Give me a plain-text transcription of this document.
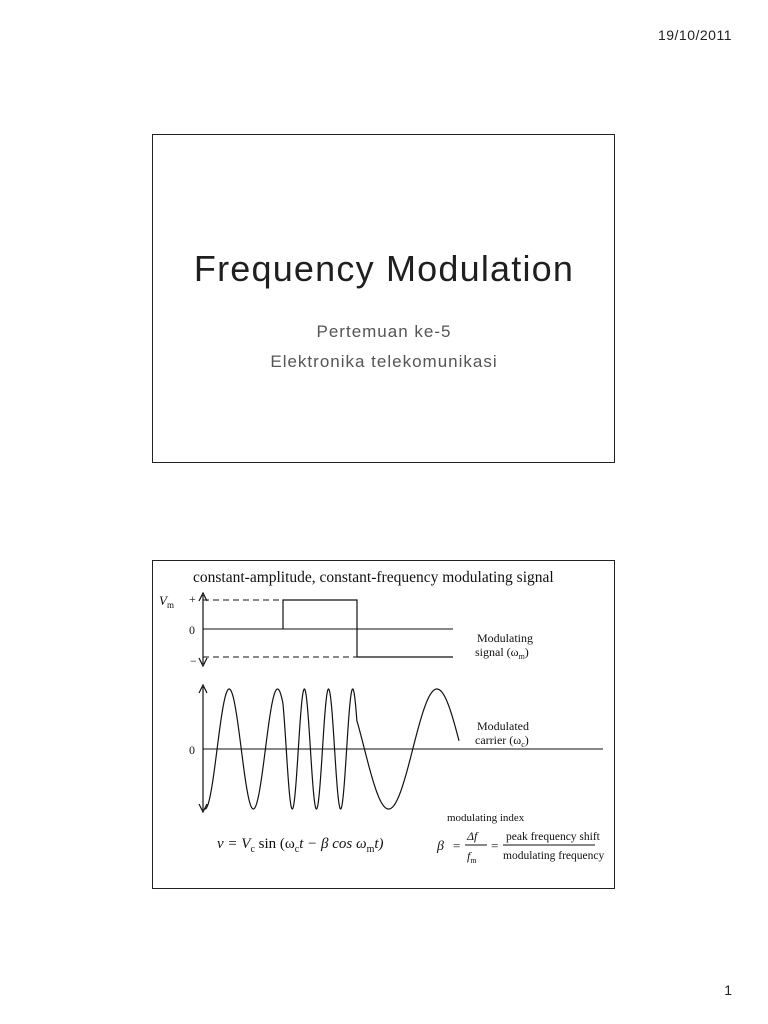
19/10/2011
Frequency Modulation
Pertemuan ke-5
Elektronika telekomunikasi
constant-amplitude, constant-frequency modulating signal
$V_m$ +
0
−
Modulating
signal $(\omega_m)$
0
Modulated
carrier $(\omega_c)$
$v = V_c$ $\sin (\omega_ct - \beta$ $\cos \omega_mt$)
modulating index
β =
Δf
$f_m$
=
peak frequency shift
modulating frequency
1
